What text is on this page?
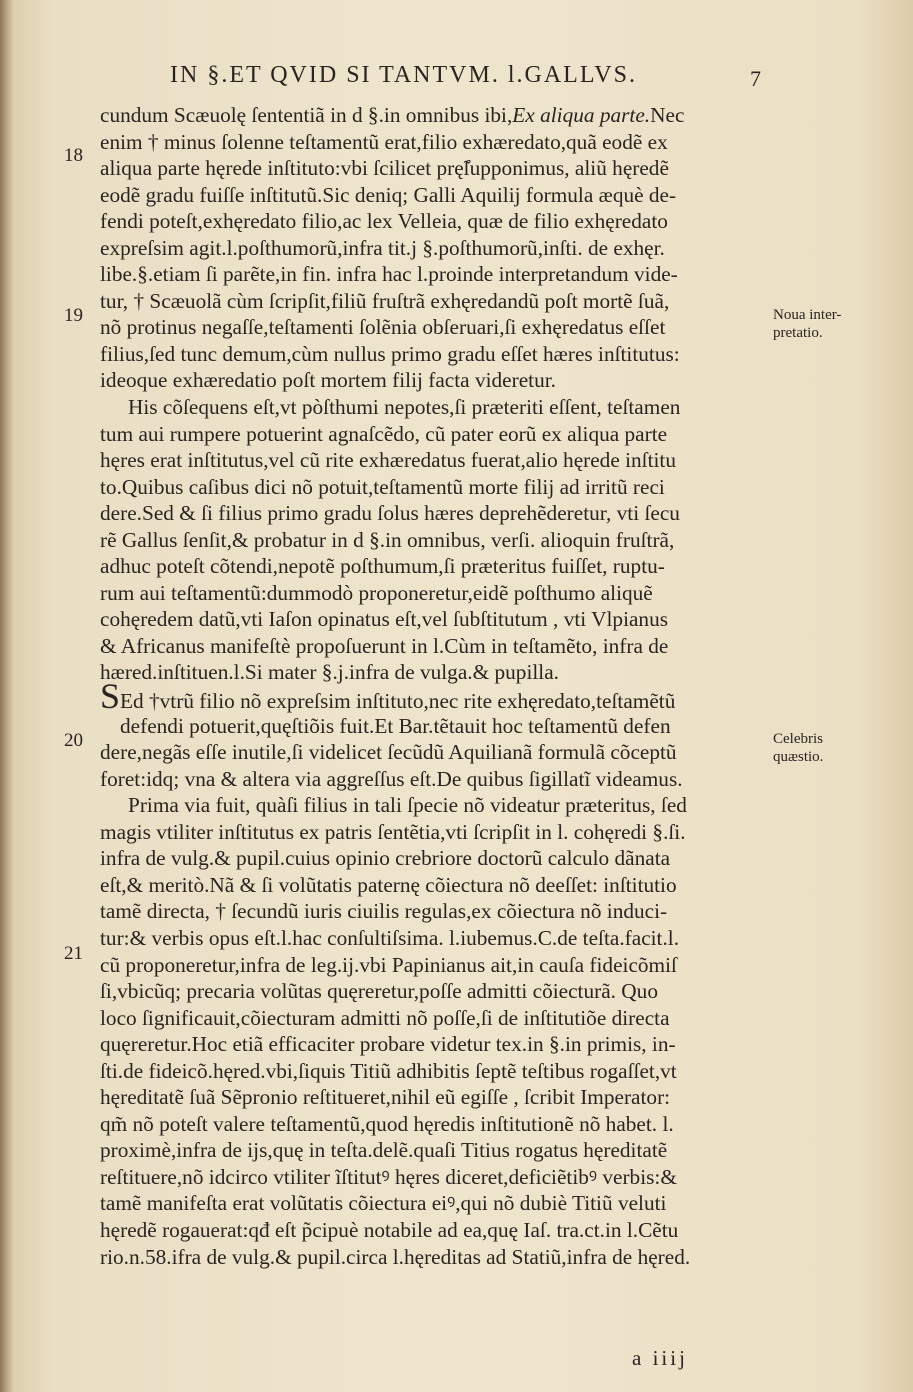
IN §.ET QVID SI TANTVM. l.GALLVS.	7
18
19
20
21
Noua inter-
pretatio.
Celebris
quæstio.
cundum Scæuolę ſententiã in d §.in omnibus ibi,Ex aliqua parte.Nec
enim † minus ſolenne teſtamentũ erat,filio exhæredato,quã eodẽ ex
aliqua parte hęrede inſtituto:vbi ſcilicet prę̃ſupponimus, aliũ hęredẽ
eodẽ gradu fuiſſe inſtitutũ.Sic deniq; Galli Aquilij formula æquè de-
fendi poteſt,exhęredato filio,ac lex Velleia, quæ de filio exhęredato
expreſsim agit.l.poſthumorũ,infra tit.j §.poſthumorũ,inſti. de exhęr.
libe.§.etiam ſi parẽte,in fin. infra hac l.proinde interpretandum vide-
tur, † Scæuolã cùm ſcripſit,filiũ fruſtrã exhęredandũ poſt mortẽ ſuã,
nõ protinus negaſſe,teſtamenti ſolẽnia obſeruari,ſi exhęredatus eſſet
filius,ſed tunc demum,cùm nullus primo gradu eſſet hæres inſtitutus:
ideoque exhæredatio poſt mortem filij facta videretur.
His cõſequens eſt,vt pòſthumi nepotes,ſi præteriti eſſent, teſtamen
tum aui rumpere potuerint agnaſcẽdo, cũ pater eorũ ex aliqua parte
hęres erat inſtitutus,vel cũ rite exhæredatus fuerat,alio hęrede inſtitu
to.Quibus caſibus dici nõ potuit,teſtamentũ morte filij ad irritũ reci
dere.Sed & ſi filius primo gradu ſolus hæres deprehẽderetur, vti ſecu
rẽ Gallus ſenſit,& probatur in d §.in omnibus, verſi. alioquin fruſtrã,
adhuc poteſt cõtendi,nepotẽ poſthumum,ſi præteritus fuiſſet, ruptu-
rum aui teſtamentũ:dummodò proponeretur,eidẽ poſthumo aliquẽ
cohęredem datũ,vti Iaſon opinatus eſt,vel ſubſtitutum , vti Vlpianus
& Africanus manifeſtè propoſuerunt in l.Cùm in teſtamẽto, infra de
hæred.inſtituen.l.Si mater §.j.infra de vulga.& pupilla.
SEd †vtrũ filio nõ expreſsim inſtituto,nec rite exhęredato,teſtamẽtũ
defendi potuerit,quęſtiõis fuit.Et Bar.tẽtauit hoc teſtamentũ defen
dere,negãs eſſe inutile,ſi videlicet ſecũdũ Aquilianã formulã cõceptũ
foret:idq; vna & altera via aggreſſus eſt.De quibus ſigillatĩ videamus.
Prima via fuit, quàſi filius in tali ſpecie nõ videatur præteritus, ſed
magis vtiliter inſtitutus ex patris ſentẽtia,vti ſcripſit in l. cohęredi §.ſi.
infra de vulg.& pupil.cuius opinio crebriore doctorũ calculo dãnata
eſt,& meritò.Nã & ſi volũtatis paternę cõiectura nõ deeſſet: inſtitutio
tamẽ directa, † ſecundũ iuris ciuilis regulas,ex cõiectura nõ induci-
tur:& verbis opus eſt.l.hac conſultiſsima. l.iubemus.C.de teſta.facit.l.
cũ proponeretur,infra de leg.ij.vbi Papinianus ait,in cauſa fideicõmiſ
ſi,vbicũq; precaria volũtas quęreretur,poſſe admitti cõiecturã. Quo
loco ſignificauit,cõiecturam admitti nõ poſſe,ſi de inſtitutiõe directa
quęreretur.Hoc etiã efficaciter probare videtur tex.in §.in primis, in-
ſti.de fideicõ.hęred.vbi,ſiquis Titiũ adhibitis ſeptẽ teſtibus rogaſſet,vt
hęreditatẽ ſuã Sẽpronio reſtitueret,nihil eũ egiſſe , ſcribit Imperator:
qm̃ nõ poteſt valere teſtamentũ,quod hęredis inſtitutionẽ nõ habet. l.
proximè,infra de ijs,quę in teſta.delẽ.quaſi Titius rogatus hęreditatẽ
reſtituere,nõ idcirco vtiliter ĩſtitutꝰ hęres diceret,deficiẽtibꝰ verbis:&
tamẽ manifeſta erat volũtatis cõiectura eiꝰ,qui nõ dubiè Titiũ veluti
hęredẽ rogauerat:qđ eſt p̃cipuè notabile ad ea,quę Iaſ. tra.ct.in l.Cẽtu
rio.n.58.ifra de vulg.& pupil.circa l.hęreditas ad Statiũ,infra de hęred.
a iiij
